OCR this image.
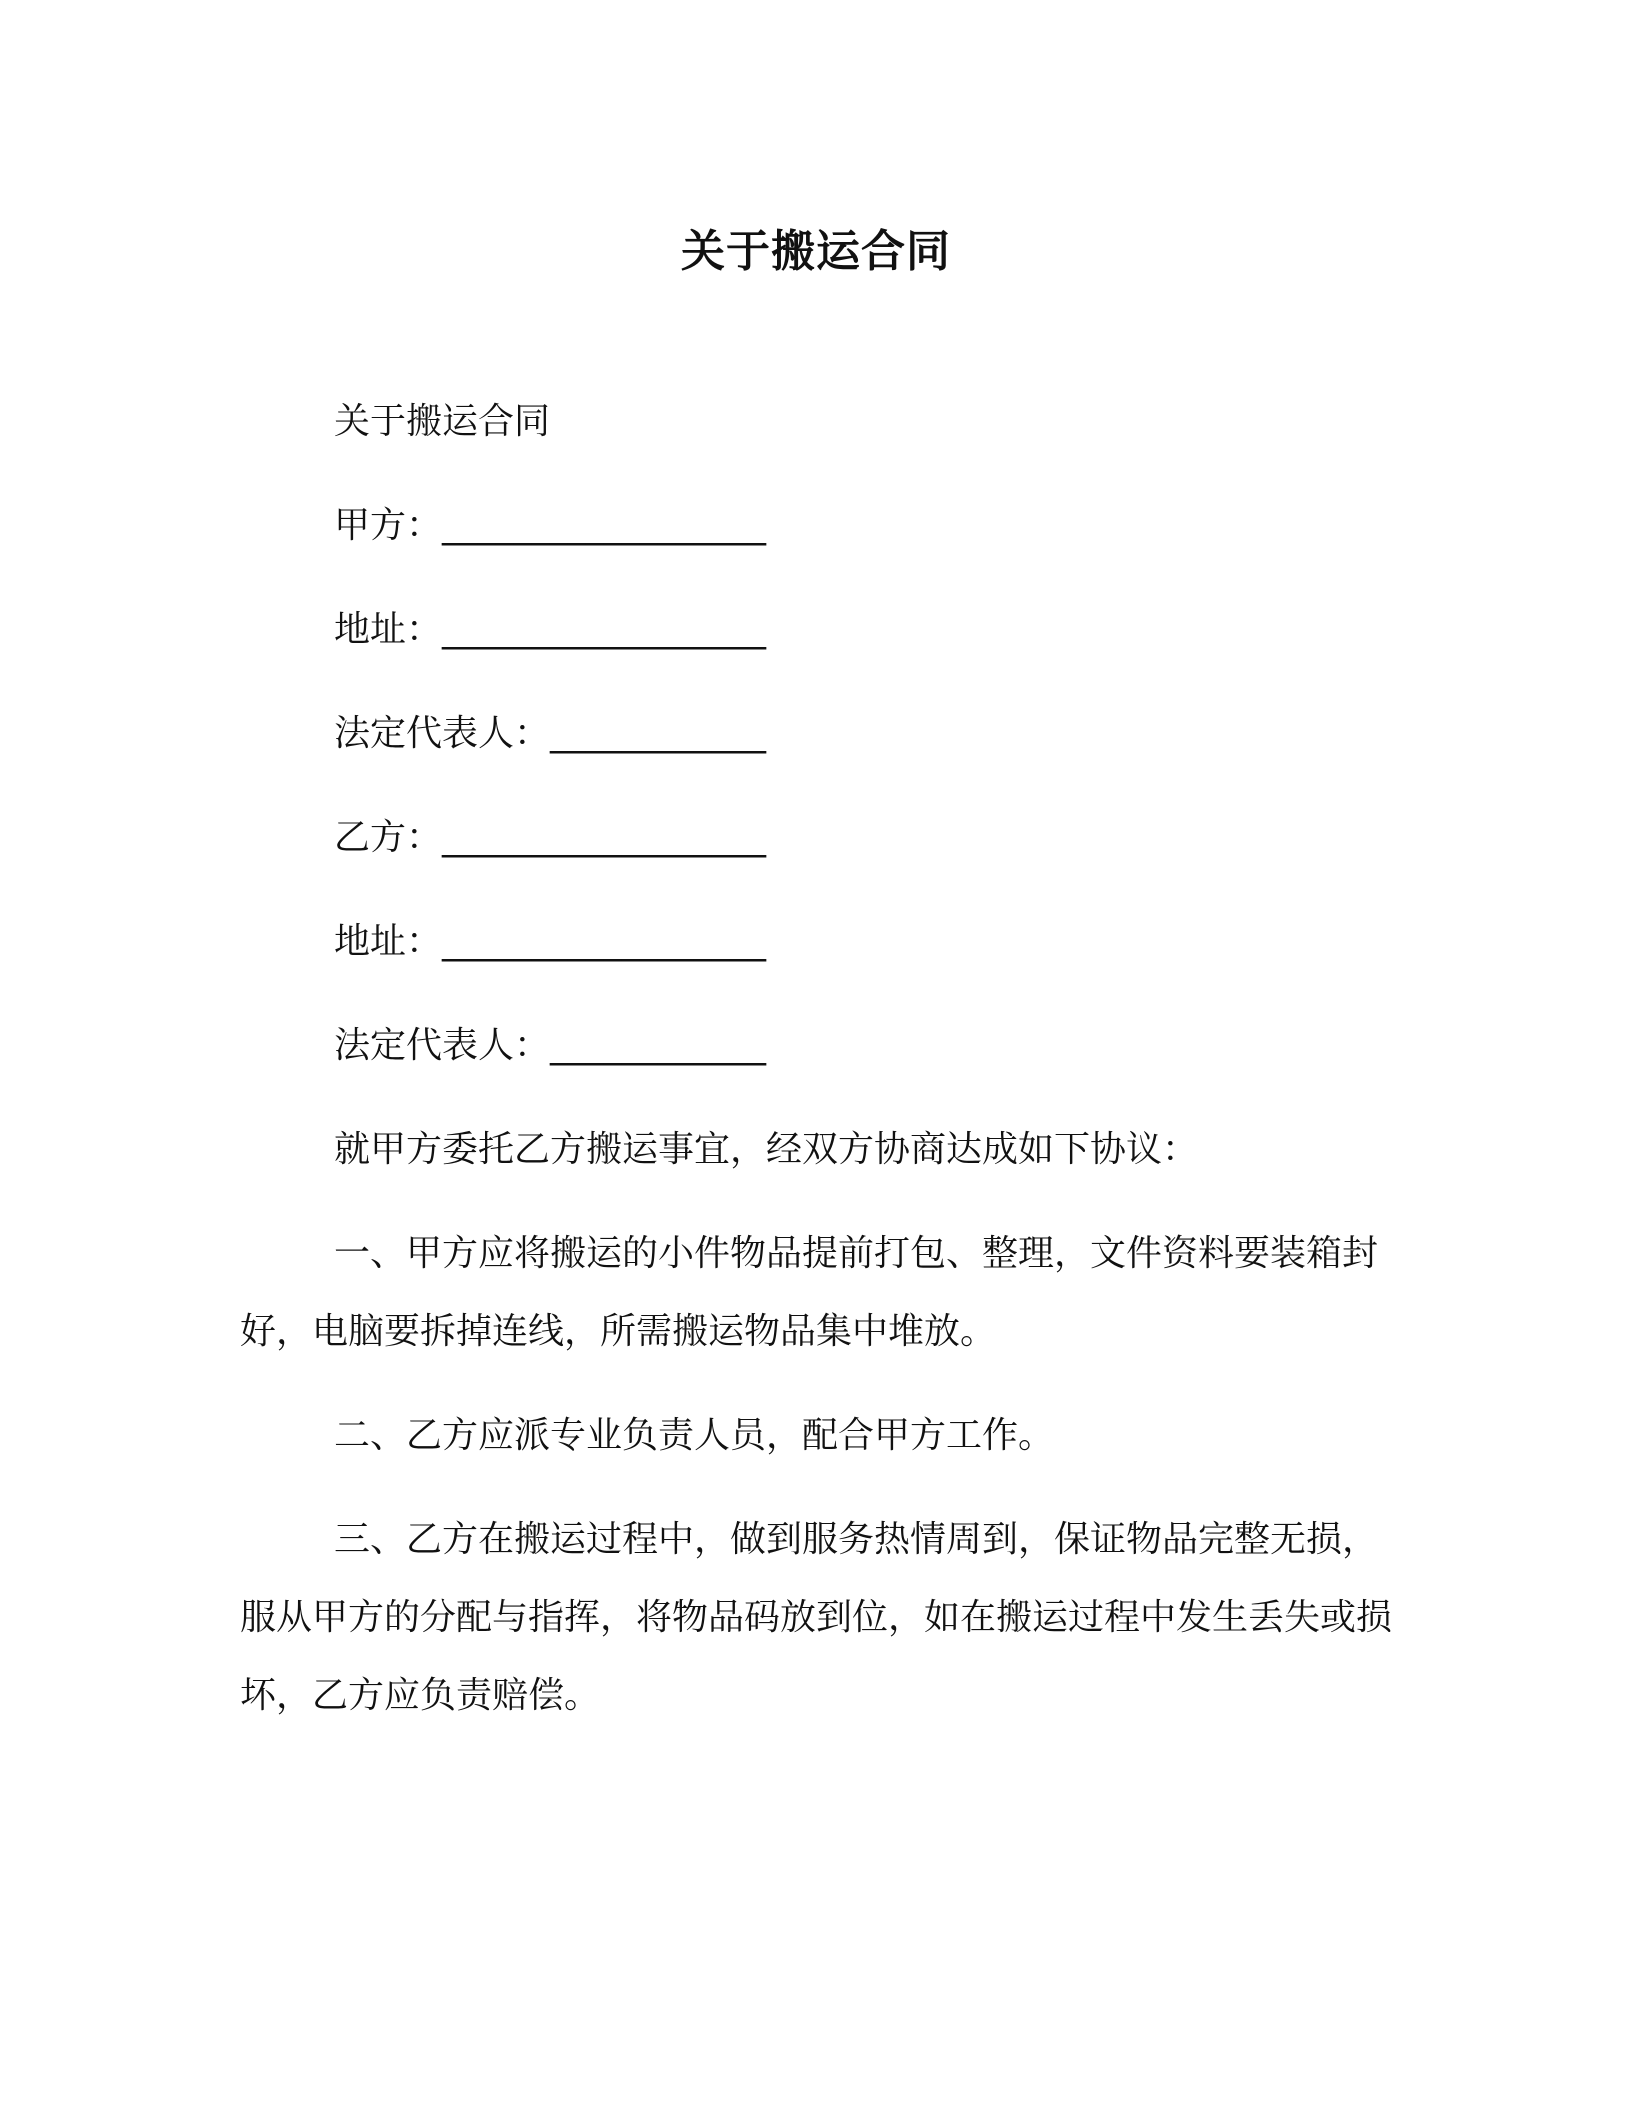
关于搬运合同
关于搬运合同
甲方：__________________
地址：__________________
法定代表人：____________
乙方：__________________
地址：__________________
法定代表人：____________
就甲方委托乙方搬运事宜，经双方协商达成如下协议：
一、甲方应将搬运的小件物品提前打包、整理，文件资料要装箱封好，电脑要拆掉连线，所需搬运物品集中堆放。
二、乙方应派专业负责人员，配合甲方工作。
三、乙方在搬运过程中，做到服务热情周到，保证物品完整无损，服从甲方的分配与指挥，将物品码放到位，如在搬运过程中发生丢失或损坏，乙方应负责赔偿。
